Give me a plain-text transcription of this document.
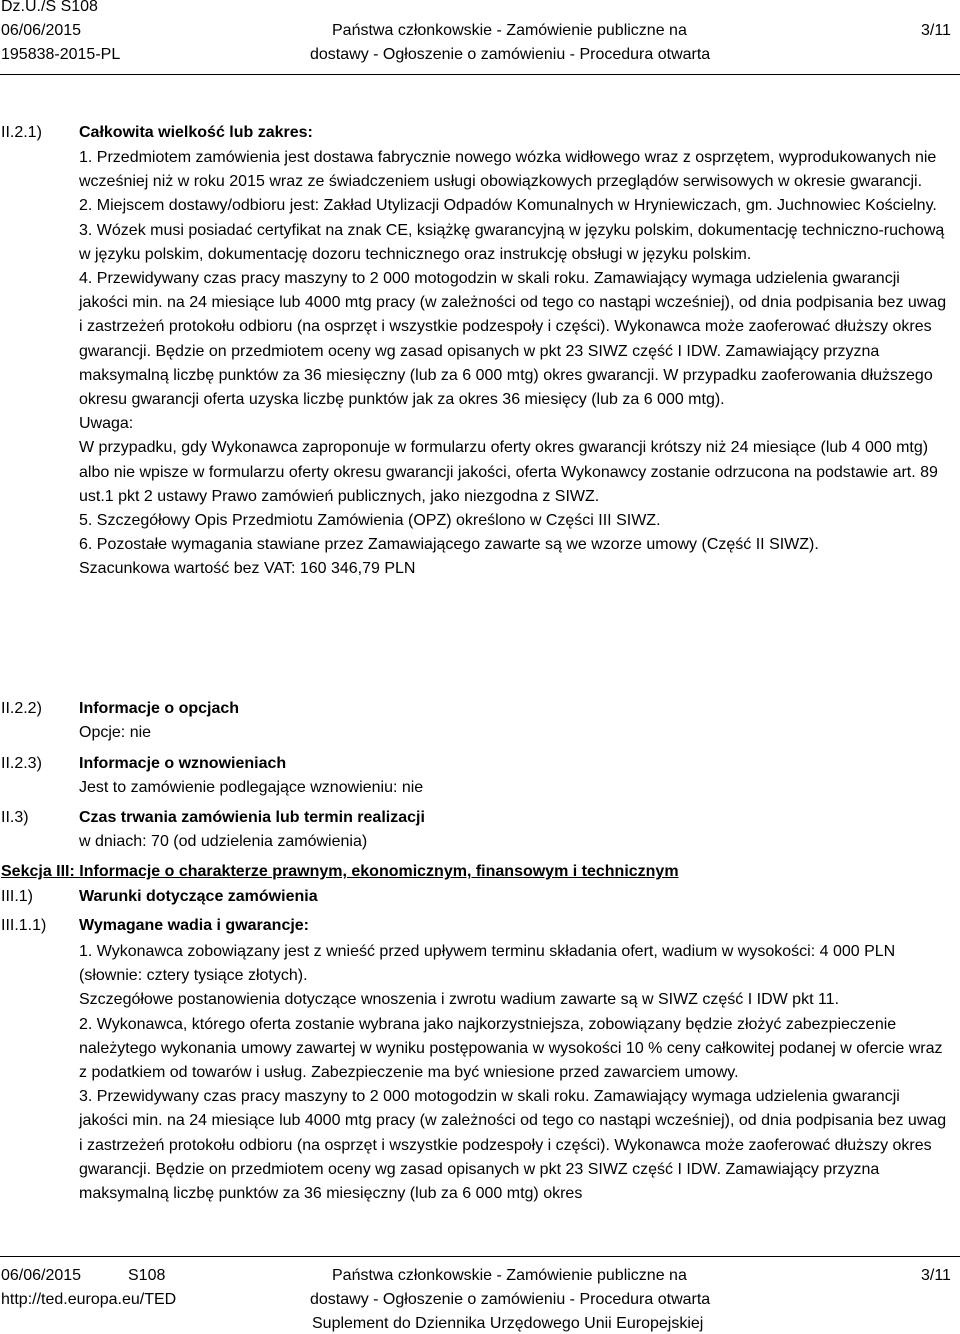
Dz.U./S S108
06/06/2015
195838-2015-PL
Państwa członkowskie - Zamówienie publiczne na
dostawy - Ogłoszenie o zamówieniu - Procedura otwarta
3/11
II.2.1) Całkowita wielkość lub zakres:

1. Przedmiotem zamówienia jest dostawa fabrycznie nowego wózka widłowego wraz z osprzętem, wyprodukowanych nie wcześniej niż w roku 2015 wraz ze świadczeniem usługi obowiązkowych przeglądów serwisowych w okresie gwarancji.

2. Miejscem dostawy/odbioru jest: Zakład Utylizacji Odpadów Komunalnych w Hryniewiczach, gm. Juchnowiec Kościelny.

3. Wózek musi posiadać certyfikat na znak CE, książkę gwarancyjną w języku polskim, dokumentację techniczno-ruchową w języku polskim, dokumentację dozoru technicznego oraz instrukcję obsługi w języku polskim.

4. Przewidywany czas pracy maszyny to 2 000 motogodzin w skali roku. Zamawiający wymaga udzielenia gwarancji jakości min. na 24 miesiące lub 4000 mtg pracy (w zależności od tego co nastąpi wcześniej), od dnia podpisania bez uwag i zastrzeżeń protokołu odbioru (na osprzęt i wszystkie podzespoły i części). Wykonawca może zaoferować dłuższy okres gwarancji. Będzie on przedmiotem oceny wg zasad opisanych w pkt 23 SIWZ część I IDW. Zamawiający przyzna maksymalną liczbę punktów za 36 miesięczny (lub za 6 000 mtg) okres gwarancji. W przypadku zaoferowania dłuższego okresu gwarancji oferta uzyska liczbę punktów jak za okres 36 miesięcy (lub za 6 000 mtg).

Uwaga:

W przypadku, gdy Wykonawca zaproponuje w formularzu oferty okres gwarancji krótszy niż 24 miesiące (lub 4 000 mtg) albo nie wpisze w formularzu oferty okresu gwarancji jakości, oferta Wykonawcy zostanie odrzucona na podstawie art. 89 ust.1 pkt 2 ustawy Prawo zamówień publicznych, jako niezgodna z SIWZ.

5. Szczegółowy Opis Przedmiotu Zamówienia (OPZ) określono w Części III SIWZ.

6. Pozostałe wymagania stawiane przez Zamawiającego zawarte są we wzorze umowy (Część II SIWZ).

Szacunkowa wartość bez VAT: 160 346,79 PLN

II.2.2) Informacje o opcjach
Opcje: nie
II.2.3) Informacje o wznowieniach
Jest to zamówienie podlegające wznowieniu: nie
II.3)	Czas trwania zamówienia lub termin realizacji
w dniach: 70 (od udzielenia zamówienia)
Sekcja III: Informacje o charakterze prawnym, ekonomicznym, finansowym i technicznym
III.1)	Warunki dotyczące zamówienia
III.1.1) Wymagane wadia i gwarancje:

1. Wykonawca zobowiązany jest z wnieść przed upływem terminu składania ofert, wadium w wysokości: 4 000 PLN (słownie: cztery tysiące złotych).

Szczegółowe postanowienia dotyczące wnoszenia i zwrotu wadium zawarte są w SIWZ część I IDW pkt 11.

2. Wykonawca, którego oferta zostanie wybrana jako najkorzystniejsza, zobowiązany będzie złożyć zabezpieczenie należytego wykonania umowy zawartej w wyniku postępowania w wysokości 10 % ceny całkowitej podanej w ofercie wraz z podatkiem od towarów i usług. Zabezpieczenie ma być wniesione przed zawarciem umowy.

3. Przewidywany czas pracy maszyny to 2 000 motogodzin w skali roku. Zamawiający wymaga udzielenia gwarancji jakości min. na 24 miesiące lub 4000 mtg pracy (w zależności od tego co nastąpi wcześniej), od dnia podpisania bez uwag i zastrzeżeń protokołu odbioru (na osprzęt i wszystkie podzespoły i części). Wykonawca może zaoferować dłuższy okres gwarancji. Będzie on przedmiotem oceny wg zasad opisanych w pkt 23 SIWZ część I IDW. Zamawiający przyzna maksymalną liczbę punktów za 36 miesięczny (lub za 6 000 mtg) okres

06/06/2015	S108
http://ted.europa.eu/TED
Państwa członkowskie - Zamówienie publiczne na
dostawy - Ogłoszenie o zamówieniu - Procedura otwarta
Suplement do Dziennika Urzędowego Unii Europejskiej
3/11
